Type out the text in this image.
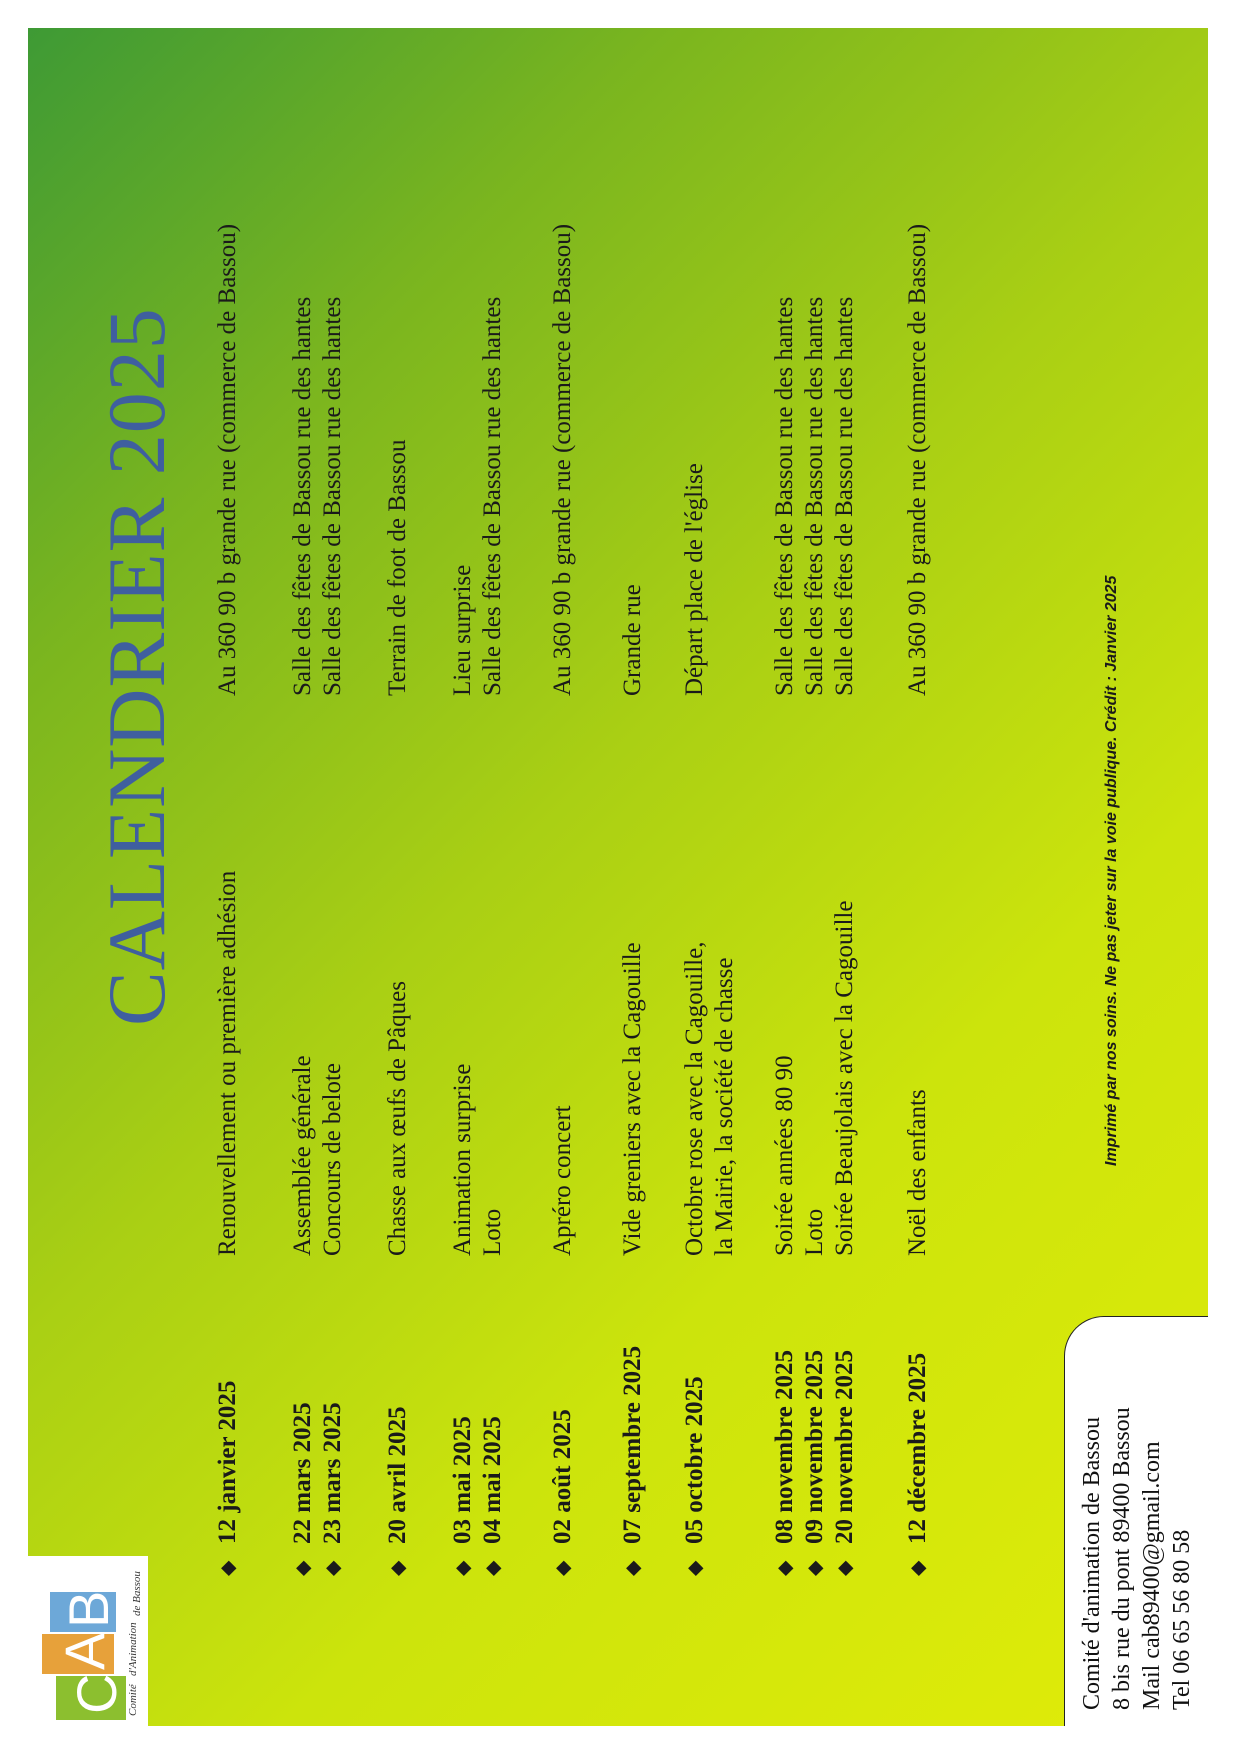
C
A
B
Comité
d'Animation
de Bassou
CALENDRIER 2025
◆
12 janvier 2025
Renouvellement ou première adhésion
Au 360 90 b grande rue (commerce de Bassou)
◆
22 mars 2025
Assemblée générale
Salle des fêtes de Bassou rue des hantes
◆
23 mars 2025
Concours de belote
Salle des fêtes de Bassou rue des hantes
◆
20 avril 2025
Chasse aux œufs de Pâques
Terrain de foot de Bassou
◆
03 mai 2025
Animation surprise
Lieu surprise
◆
04 mai 2025
Loto
Salle des fêtes de Bassou rue des hantes
◆
02 août 2025
Apréro concert
Au 360 90 b grande rue (commerce de Bassou)
◆
07 septembre 2025
Vide greniers avec la Cagouille
Grande rue
◆
05 octobre 2025
Octobre rose avec la Cagouille,
Départ place de l'église
la Mairie, la société de chasse
◆
08 novembre 2025
Soirée années 80 90
Salle des fêtes de Bassou rue des hantes
◆
09 novembre 2025
Loto
Salle des fêtes de Bassou rue des hantes
◆
20 novembre 2025
Soirée Beaujolais avec la Cagouille
Salle des fêtes de Bassou rue des hantes
◆
12 décembre 2025
Noël des enfants
Au 360 90 b grande rue (commerce de Bassou)
Imprimé par nos soins. Ne pas jeter sur la voie publique. Crédit : Janvier 2025
Comité d'animation de Bassou 8 bis rue du pont 89400 Bassou Mail cab89400@gmail.com Tel 06 65 56 80 58
